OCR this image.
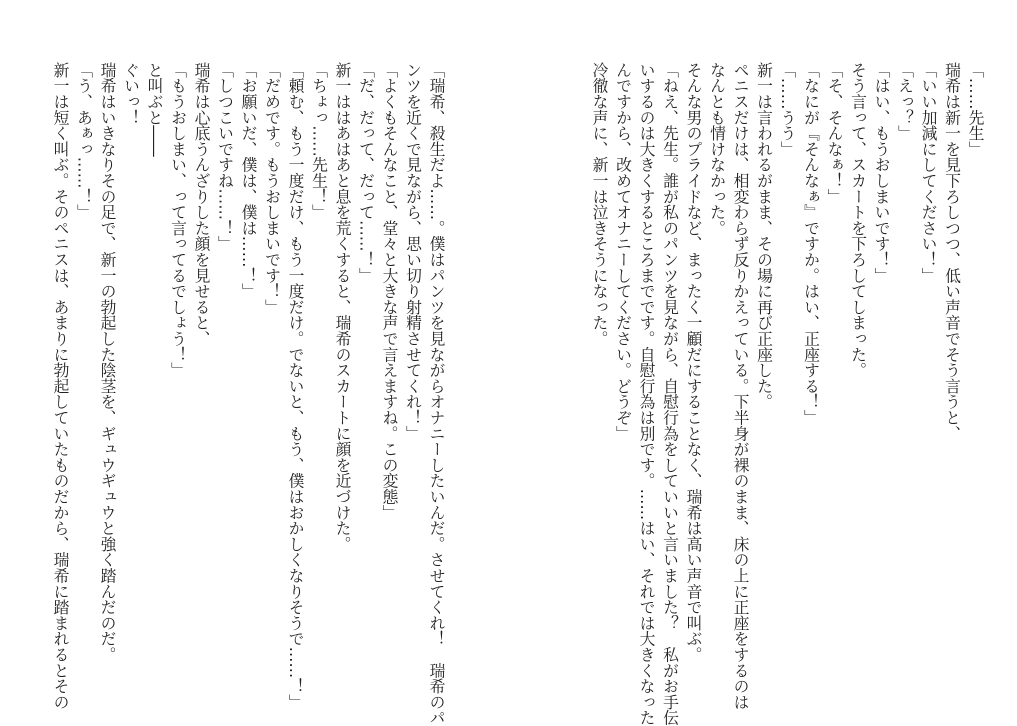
「……先生」

瑞希は新一を見下ろしつつ、低い声音でそう言うと、

「いい加減にしてください！」

「えっ？」

「はい、もうおしまいです！」

そう言って、スカートを下ろしてしまった。

「そ、そんなぁ！」

「なにが『そんなぁ』ですか。はい、正座する！」

「……うう」

新一は言われるがまま、その場に再び正座した。

ペニスだけは、相変わらず反りかえっている。下半身が裸のまま、床の上に正座をするのは

なんとも情けなかった。

そんな男のプライドなど、まったく一顧だにすることなく、瑞希は高い声音で叫ぶ。

「ねえ、先生。誰が私のパンツを見ながら、自慰行為をしていいと言いました？　私がお手伝

いするのは大きくするところまでです。自慰行為は別です。……はい、それでは大きくなった

んですから、改めてオナニーしてください。どうぞ」

冷徹な声に、新一は泣きそうになった。

「瑞希、殺生だよ……。僕はパンツを見ながらオナニーしたいんだ。させてくれ！　瑞希のパ

ンツを近くで見ながら、思い切り射精させてくれ！」

「よくもそんなこと、堂々と大きな声で言えますね。この変態」

「だ、だって、だって……！」

新一ははあはあと息を荒くすると、瑞希のスカートに顔を近づけた。

「ちょっ……先生！」

「頼む、もう一度だけ、もう一度だけ。でないと、もう、僕はおかしくなりそうで……！」

「だめです。もうおしまいです！」

「お願いだ、僕は、僕は……！」

「しつこいですね……！」

瑞希は心底うんざりした顔を見せると、

「もうおしまい、って言ってるでしょう！」

と叫ぶと――

ぐいっ！

瑞希はいきなりその足で、新一の勃起した陰茎を、ギュウギュウと強く踏んだのだ。

「う、あぁっ……！」

新一は短く叫ぶ。そのペニスは、あまりに勃起していたものだから、瑞希に踏まれるとその
